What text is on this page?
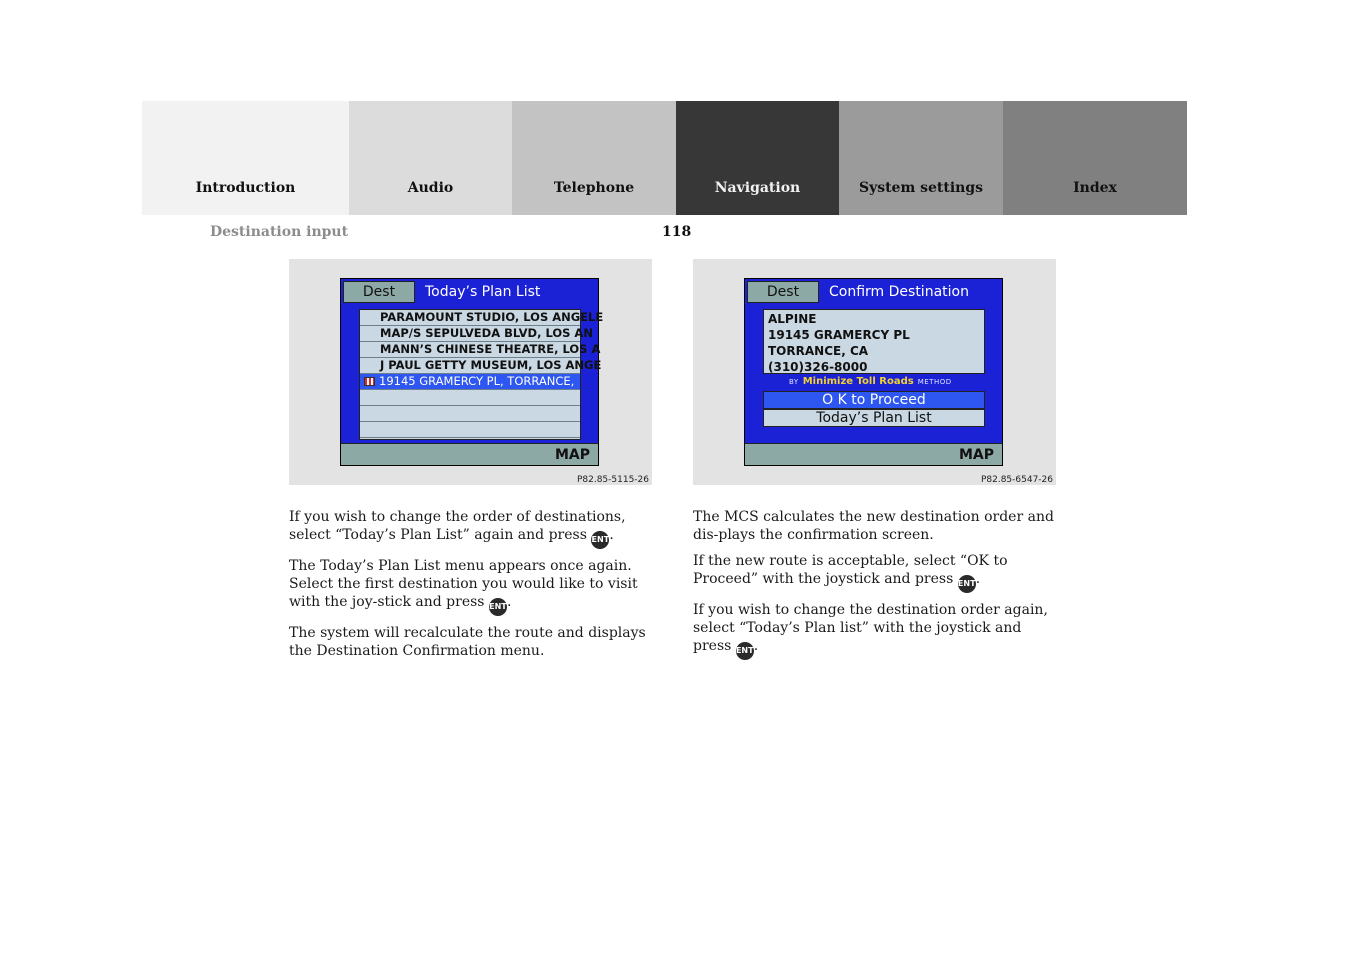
Introduction	Audio	Telephone	Navigation	System settings	Index
Destination input	118
Dest	Today’s Plan List
PARAMOUNT STUDIO, LOS ANGELE
MAP/S SEPULVEDA BLVD, LOS AN
MANN’S CHINESE THEATRE, LOS A
J PAUL GETTY MUSEUM, LOS ANGE
19145 GRAMERCY PL, TORRANCE,
MAP
P82.85-5115-26
Dest	Confirm Destination
ALPINE
19145 GRAMERCY PL
TORRANCE, CA
(310)326-8000
BY Minimize Toll Roads METHOD
O K to Proceed
Today’s Plan List
MAP
P82.85-6547-26

If you wish to change the order of destinations, select “Today’s Plan List” again and press ENT.

The Today’s Plan List menu appears once again. Select the first destination you would like to visit with the joy-stick and press ENT.

The system will recalculate the route and displays the Destination Confirmation menu.

The MCS calculates the new destination order and dis-plays the confirmation screen.

If the new route is acceptable, select “OK to Proceed” with the joystick and press ENT.

If you wish to change the destination order again, select “Today’s Plan list” with the joystick and press ENT.
